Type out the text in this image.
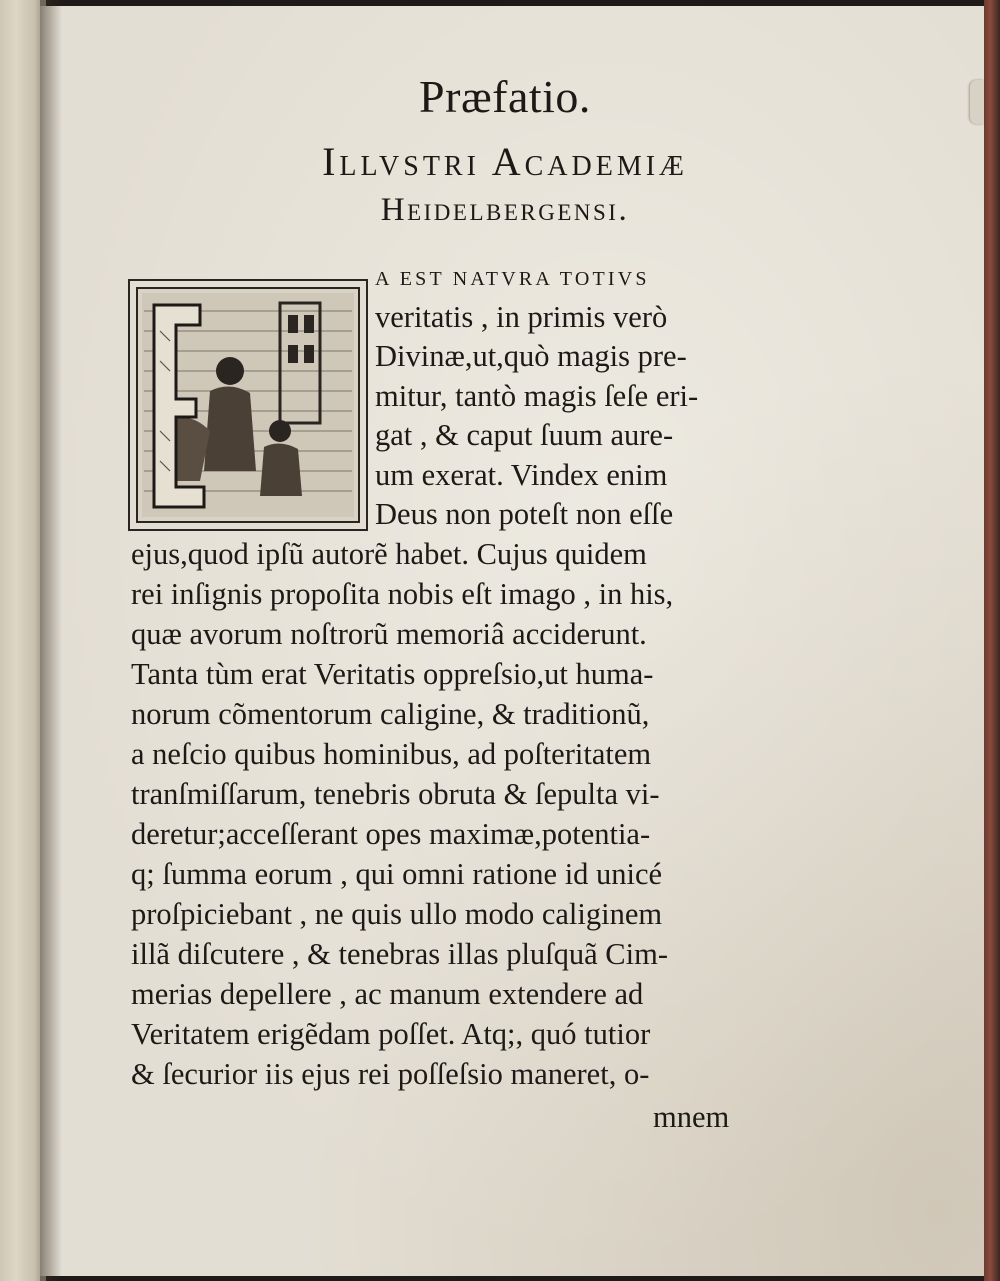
Præfatio.
Illvstri Academiæ
Heidelbergensi.
A EST NATVRA TOTIVS
veritatis , in primis verò
Divinæ,ut,quò magis pre-
mitur, tantò magis ſeſe eri-
gat , & caput ſuum aure-
um exerat. Vindex enim
Deus non poteſt non eſſe
ejus,quod ipſũ autorẽ habet. Cujus quidem
rei inſignis propoſita nobis eſt imago , in his,
quæ avorum noſtrorũ memoriâ acciderunt.
Tanta tùm erat Veritatis oppreſsio,ut huma-
norum cõmentorum caligine, & traditionũ,
a neſcio quibus hominibus, ad poſteritatem
tranſmiſſarum, tenebris obruta & ſepulta vi-
deretur;acceſſerant opes maximæ,potentia-
q; ſumma eorum , qui omni ratione id unicé
proſpiciebant , ne quis ullo modo caliginem
illã diſcutere , & tenebras illas pluſquã Cim-
merias depellere , ac manum extendere ad
Veritatem erigẽdam poſſet. Atq;, quó tutior
& ſecurior iis ejus rei poſſeſsio maneret, o-
mnem
